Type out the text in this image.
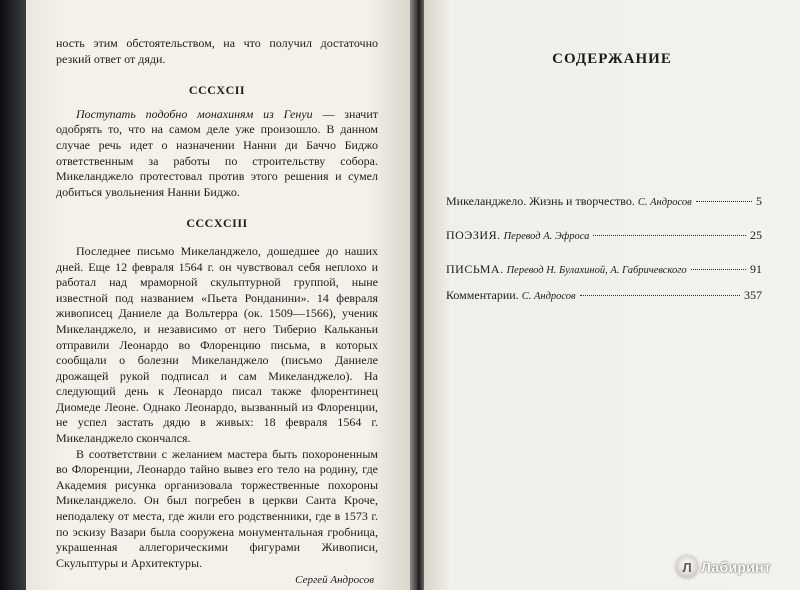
ность этим обстоятельством, на что получил достаточно резкий ответ от дяди.

CCCXCII

Поступать подобно монахиням из Генуи — значит одобрять то, что на самом деле уже произошло. В данном случае речь идет о назначении Нанни ди Баччо Биджо ответственным за работы по строительству собора. Микеланджело протестовал против этого решения и сумел добиться увольнения Нанни Биджо.

CCCXCIII

Последнее письмо Микеланджело, дошедшее до наших дней. Еще 12 февраля 1564 г. он чувствовал себя неплохо и работал над мраморной скульптурной группой, ныне известной под названием «Пьета Ронданини». 14 февраля живописец Даниеле да Вольтерра (ок. 1509—1566), ученик Микеланджело, и независимо от него Тиберио Кальканьи отправили Леонардо во Флоренцию письма, в которых сообщали о болезни Микеланджело (письмо Даниеле дрожащей рукой подписал и сам Микеланджело). На следующий день к Леонардо писал также флорентинец Диомеде Леоне. Однако Леонардо, вызванный из Флоренции, не успел застать дядю в живых: 18 февраля 1564 г. Микеланджело скончался.

В соответствии с желанием мастера быть похороненным во Флоренции, Леонардо тайно вывез его тело на родину, где Академия рисунка организовала торжественные похороны Микеланджело. Он был погребен в церкви Санта Кроче, неподалеку от места, где жили его родственники, где в 1573 г. по эскизу Вазари была сооружена монументальная гробница, украшенная аллегорическими фигурами Живописи, Скульптуры и Архитектуры.

Сергей Андросов
СОДЕРЖАНИЕ
Микеланджело. Жизнь и творчество. С. Андросов	5
ПОЭЗИЯ. Перевод А. Эфроса	25
ПИСЬМА. Перевод Н. Булахиной, А. Габричевского	91
Комментарии. С. Андросов	357
Л Лабиринт
